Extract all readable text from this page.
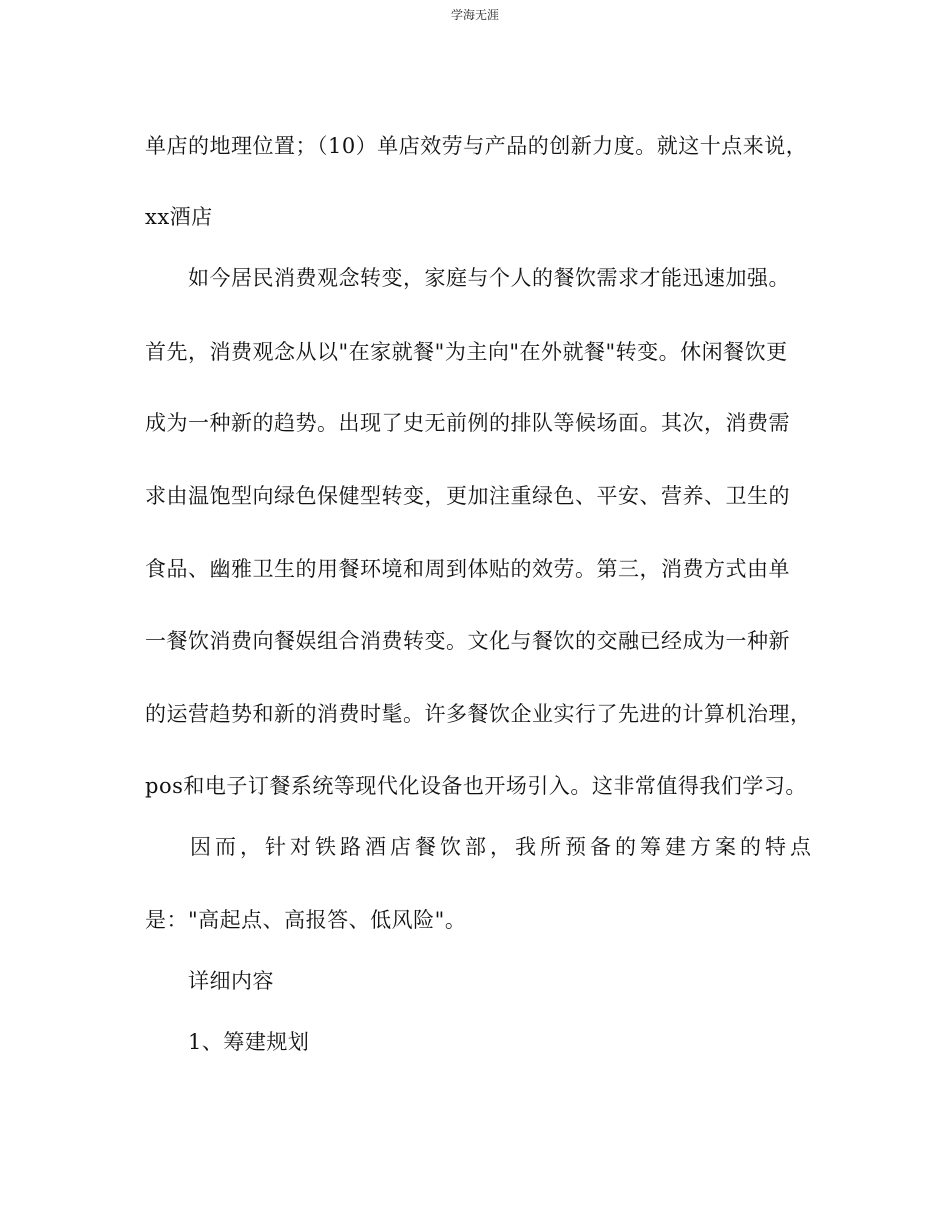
学海无涯
单店的地理位置；（10）单店效劳与产品的创新力度。就这十点来说，
xx酒店
如今居民消费观念转变，家庭与个人的餐饮需求才能迅速加强。
首先，消费观念从以"在家就餐"为主向"在外就餐"转变。休闲餐饮更
成为一种新的趋势。出现了史无前例的排队等候场面。其次，消费需
求由温饱型向绿色保健型转变，更加注重绿色、平安、营养、卫生的
食品、幽雅卫生的用餐环境和周到体贴的效劳。第三，消费方式由单
一餐饮消费向餐娱组合消费转变。文化与餐饮的交融已经成为一种新
的运营趋势和新的消费时髦。许多餐饮企业实行了先进的计算机治理，
pos和电子订餐系统等现代化设备也开场引入。这非常值得我们学习。
因而，针对铁路酒店餐饮部，我所预备的筹建方案的特点
是："高起点、高报答、低风险"。
详细内容
1、筹建规划
